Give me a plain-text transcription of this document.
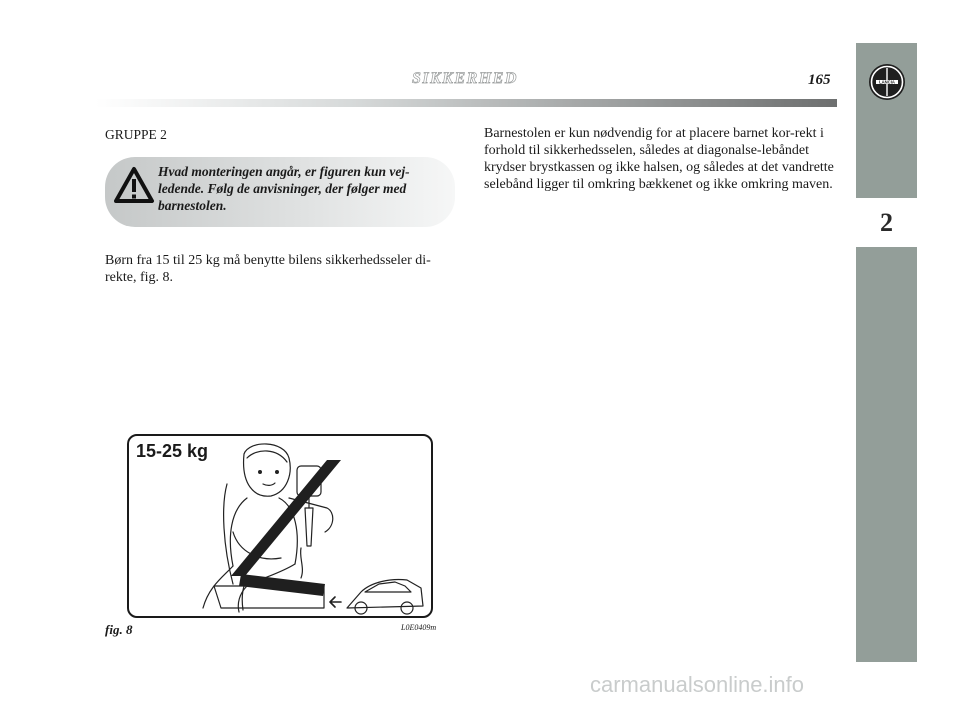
SIKKERHED	165
2
LANCIA
GRUPPE 2
Hvad monteringen angår, er figuren kun vej-ledende. Følg de anvisninger, der følger med barnestolen.
Børn fra 15 til 25 kg må benytte bilens sikkerhedsseler di-rekte, fig. 8.
Barnestolen er kun nødvendig for at placere barnet kor-rekt i forhold til sikkerhedsselen, således at diagonalse-lebåndet krydser brystkassen og ikke halsen, og således at det vandrette selebånd ligger til omkring bækkenet og ikke omkring maven.
15-25 kg
fig. 8	L0E0409m
carmanualsonline.info
